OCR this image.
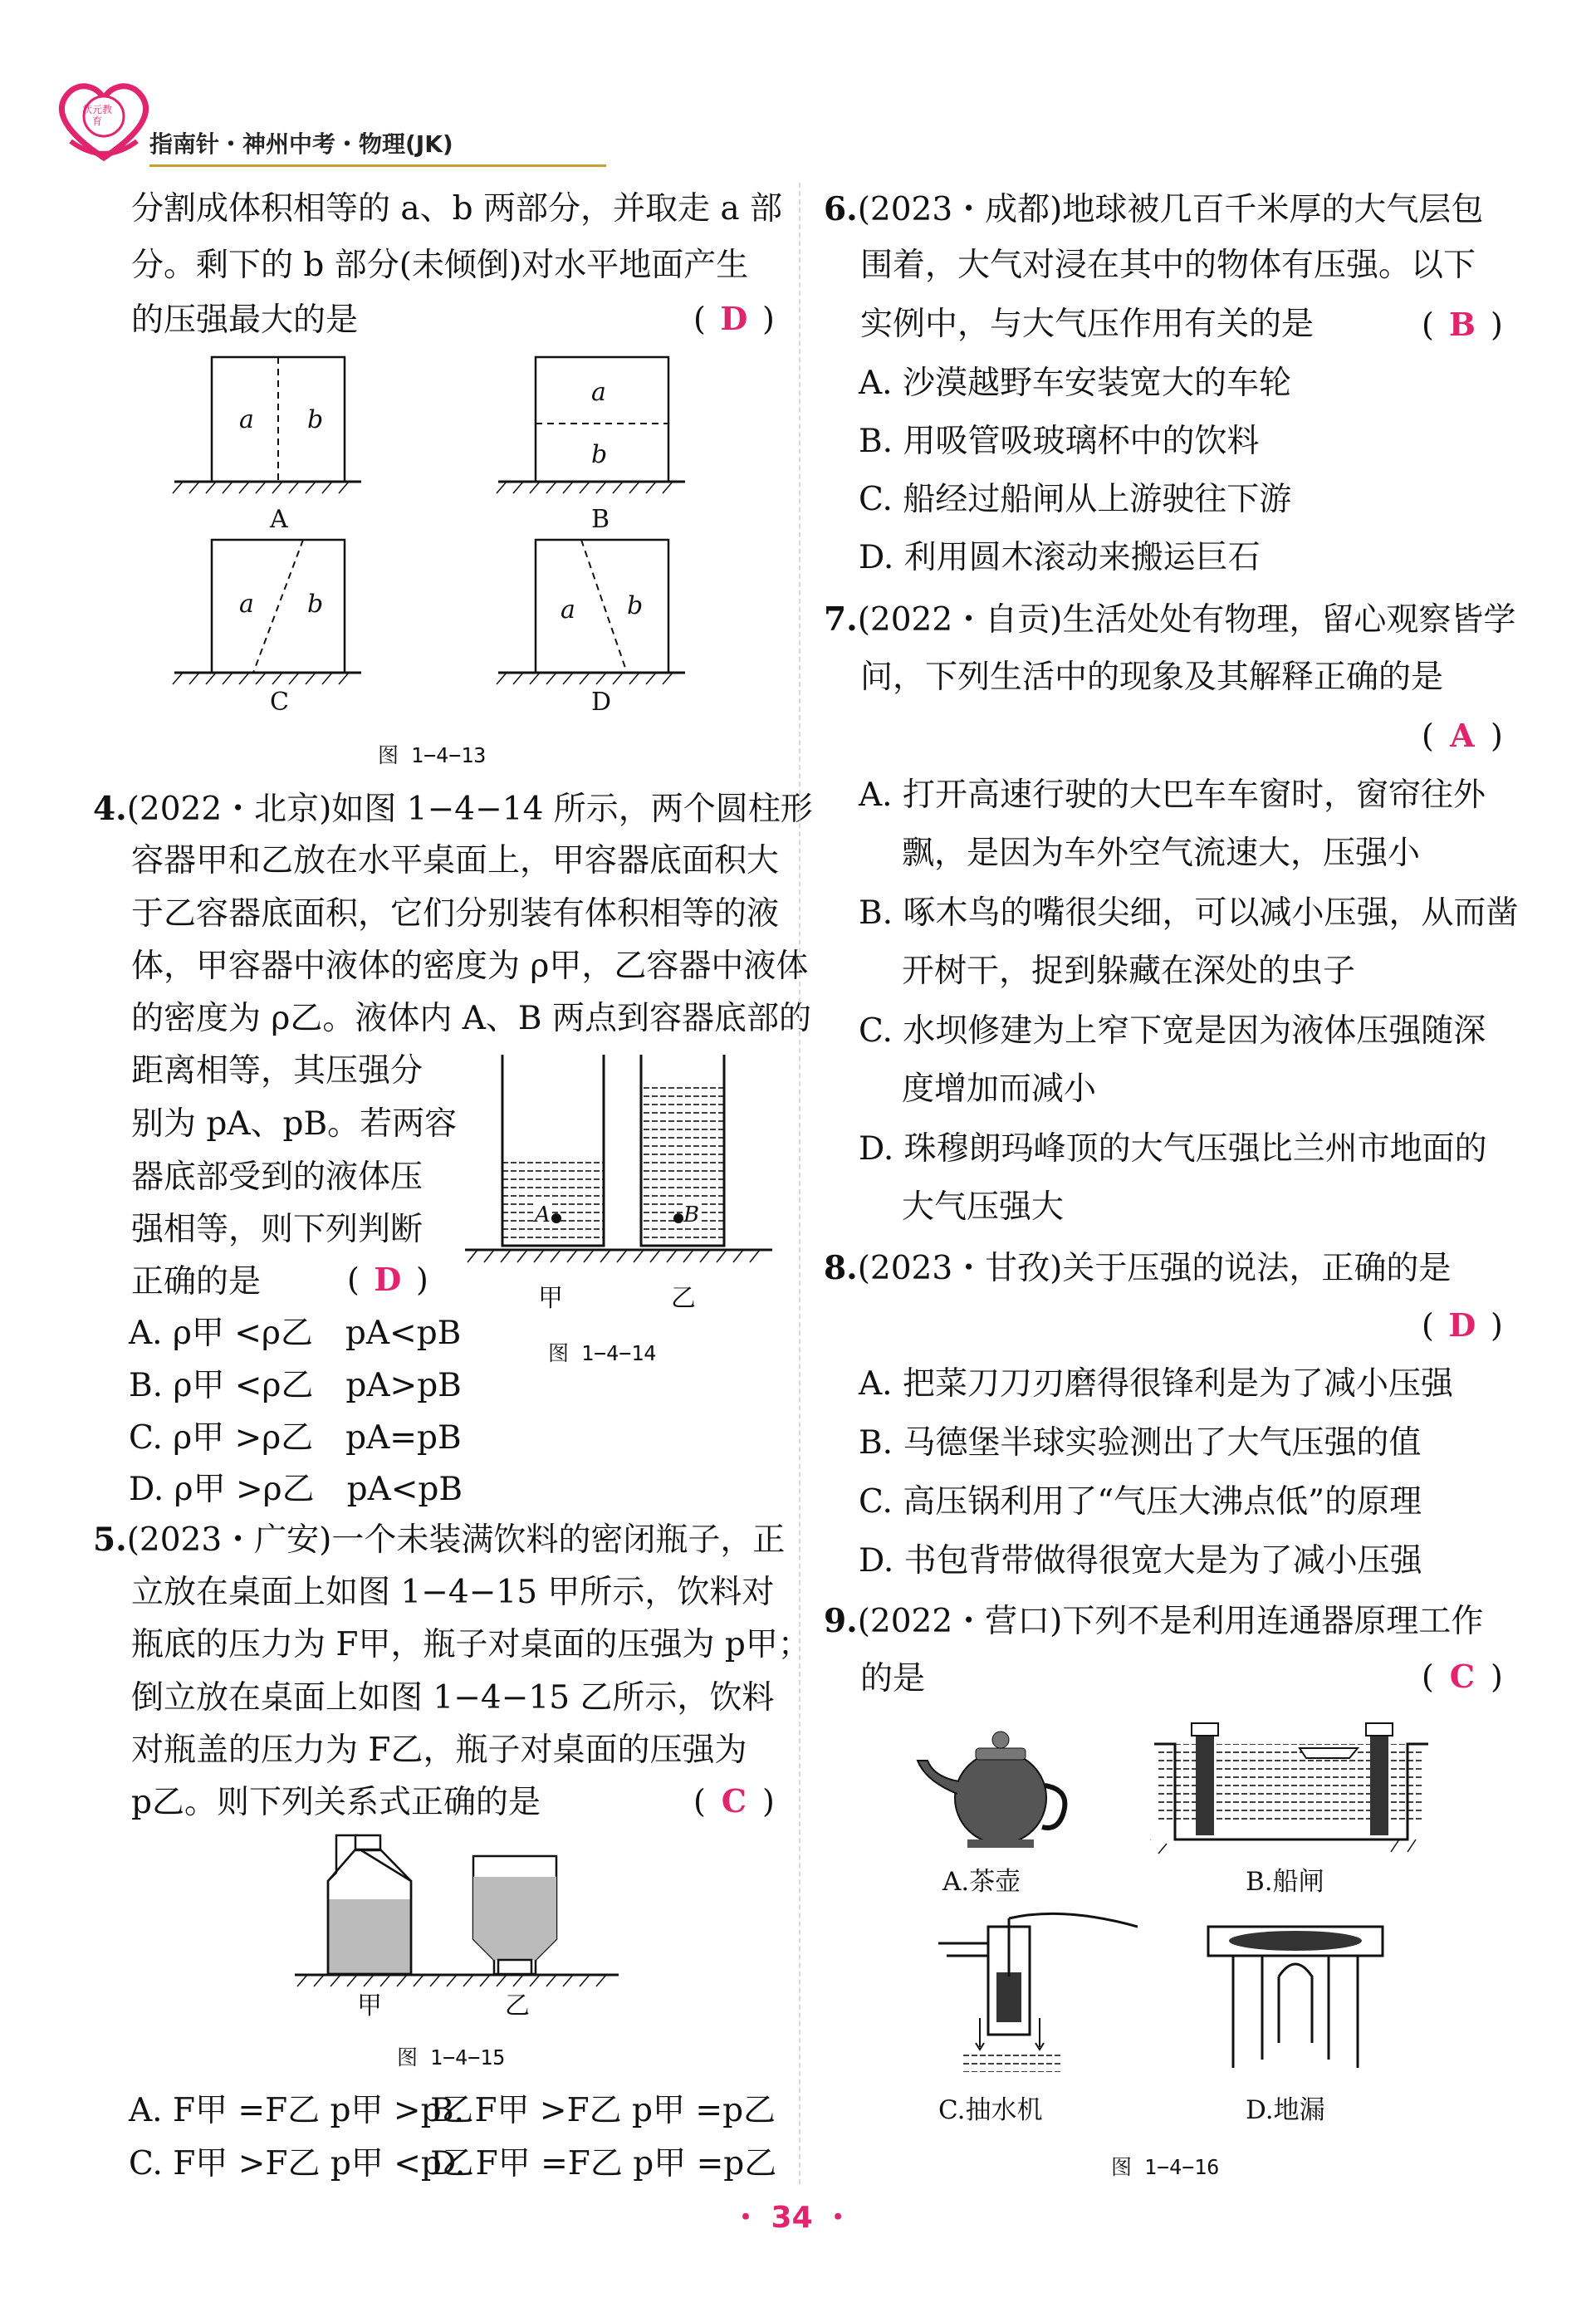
状元教育
指南针・神州中考・物理(JK)
分割成体积相等的 a、b 两部分，并取走 a 部
分。剩下的 b 部分(未倾倒)对水平地面产生
的压强最大的是	( D )
a b
a
b
a b	a b
A	B
C	D
图 1−4−13
4.(2022・北京)如图 1−4−14 所示，两个圆柱形
容器甲和乙放在水平桌面上，甲容器底面积大
于乙容器底面积，它们分别装有体积相等的液
体，甲容器中液体的密度为 ρ甲，乙容器中液体
的密度为 ρ乙。液体内 A、B 两点到容器底部的
距离相等，其压强分
别为 pA、pB。若两容
器底部受到的液体压
强相等，则下列判断
正确的是	( D )
A. ρ甲 <ρ乙　pA<pB
B. ρ甲 <ρ乙　pA>pB
C. ρ甲 >ρ乙　pA=pB
D. ρ甲 >ρ乙　pA<pB
A	B
甲	乙
图 1−4−14
5.(2023・广安)一个未装满饮料的密闭瓶子，正
立放在桌面上如图 1−4−15 甲所示，饮料对
瓶底的压力为 F甲，瓶子对桌面的压强为 p甲；
倒立放在桌面上如图 1−4−15 乙所示，饮料
对瓶盖的压力为 F乙，瓶子对桌面的压强为
p乙。则下列关系式正确的是	( C )
甲	乙
图 1−4−15
A. F甲 =F乙 p甲 >p乙
B. F甲 >F乙 p甲 =p乙
C. F甲 >F乙 p甲 <p乙
D. F甲 =F乙 p甲 =p乙
6.(2023・成都)地球被几百千米厚的大气层包
围着，大气对浸在其中的物体有压强。以下
实例中，与大气压作用有关的是	( B )
A. 沙漠越野车安装宽大的车轮
B. 用吸管吸玻璃杯中的饮料
C. 船经过船闸从上游驶往下游
D. 利用圆木滚动来搬运巨石
7.(2022・自贡)生活处处有物理，留心观察皆学
问，下列生活中的现象及其解释正确的是
( A )
A. 打开高速行驶的大巴车车窗时，窗帘往外
飘，是因为车外空气流速大，压强小
B. 啄木鸟的嘴很尖细，可以减小压强，从而凿
开树干，捉到躲藏在深处的虫子
C. 水坝修建为上窄下宽是因为液体压强随深
度增加而减小
D. 珠穆朗玛峰顶的大气压强比兰州市地面的
大气压强大
8.(2023・甘孜)关于压强的说法，正确的是
( D )
A. 把菜刀刀刃磨得很锋利是为了减小压强
B. 马德堡半球实验测出了大气压强的值
C. 高压锅利用了“气压大沸点低”的原理
D. 书包背带做得很宽大是为了减小压强
9.(2022・营口)下列不是利用连通器原理工作
的是	( C )
A.茶壶	B.船闸
C.抽水机	D.地漏
图 1−4−16
・ 34 ・
